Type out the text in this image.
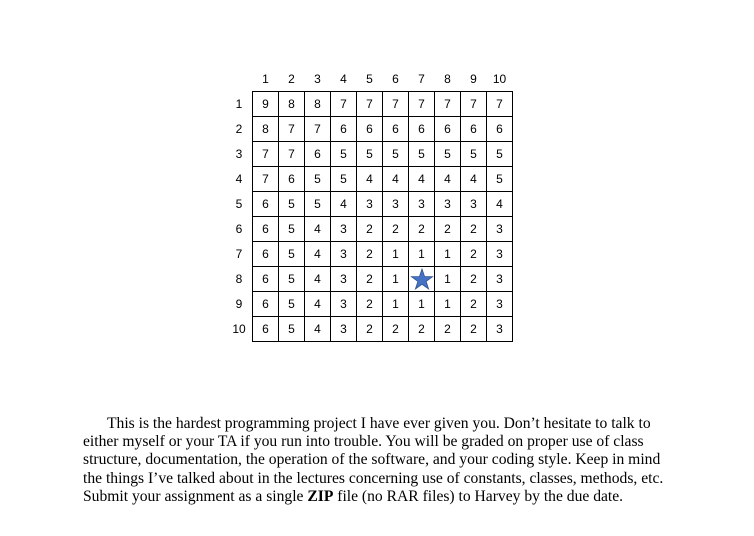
	1	2	3	4	5	6	7	8	9	10
1	9	8	8	7	7	7	7	7	7	7
2	8	7	7	6	6	6	6	6	6	6
3	7	7	6	5	5	5	5	5	5	5
4	7	6	5	5	4	4	4	4	4	5
5	6	5	5	4	3	3	3	3	3	4
6	6	5	4	3	2	2	2	2	2	3
7	6	5	4	3	2	1	1	1	2	3
8	6	5	4	3	2	1		1	2	3
9	6	5	4	3	2	1	1	1	2	3
10	6	5	4	3	2	2	2	2	2	3

This is the hardest programming project I have ever given you. Don’t hesitate to talk to either myself or your TA if you run into trouble. You will be graded on proper use of class structure, documentation, the operation of the software, and your coding style. Keep in mind the things I’ve talked about in the lectures concerning use of constants, classes, methods, etc. Submit your assignment as a single ZIP file (no RAR files) to Harvey by the due date.
